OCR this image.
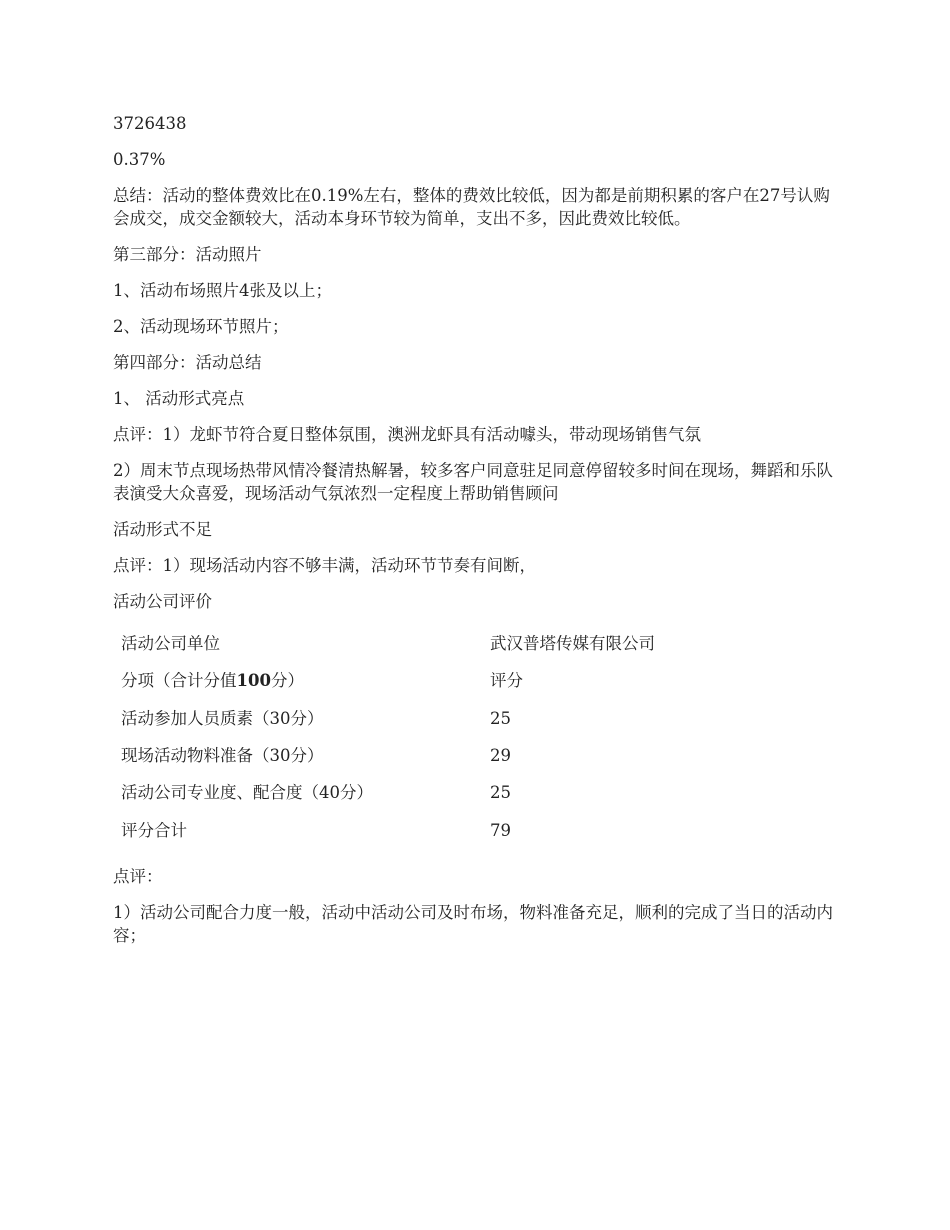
3726438

0.37%

总结：活动的整体费效比在0.19%左右，整体的费效比较低，因为都是前期积累的客户在27号认购会成交，成交金额较大，活动本身环节较为简单，支出不多，因此费效比较低。

第三部分：活动照片

1、活动布场照片4张及以上；

2、活动现场环节照片；

第四部分：活动总结

1、 活动形式亮点

点评：1）龙虾节符合夏日整体氛围，澳洲龙虾具有活动噱头，带动现场销售气氛

2）周末节点现场热带风情冷餐清热解暑，较多客户同意驻足同意停留较多时间在现场，舞蹈和乐队表演受大众喜爱，现场活动气氛浓烈一定程度上帮助销售顾问

活动形式不足

点评：1）现场活动内容不够丰满，活动环节节奏有间断，

活动公司评价

活动公司单位	武汉普塔传媒有限公司
分项（合计分值100分）	评分
活动参加人员质素（30分）	25
现场活动物料准备（30分）	29
活动公司专业度、配合度（40分）	25
评分合计	79

点评：

1）活动公司配合力度一般，活动中活动公司及时布场，物料准备充足，顺利的完成了当日的活动内容；
